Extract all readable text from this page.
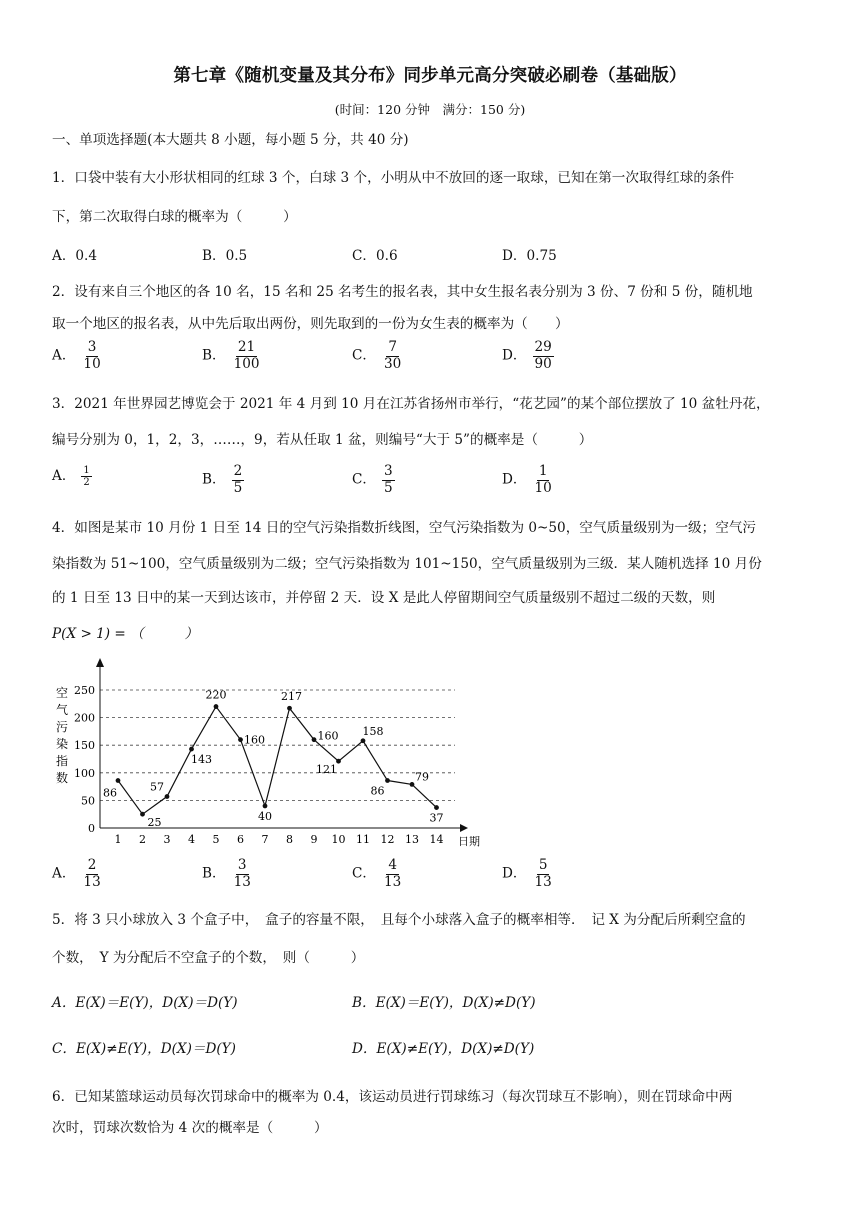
第七章《随机变量及其分布》同步单元高分突破必刷卷（基础版）
(时间：120 分钟　满分：150 分)
一、单项选择题(本大题共 8 小题，每小题 5 分，共 40 分)
1．口袋中装有大小形状相同的红球 3 个，白球 3 个，小明从中不放回的逐一取球，已知在第一次取得红球的条件
下，第二次取得白球的概率为（　　　）
A．0.4	B．0.5	C．0.6	D．0.75
2．设有来自三个地区的各 10 名，15 名和 25 名考生的报名表，其中女生报名表分别为 3 份、7 份和 5 份，随机地
取一个地区的报名表，从中先后取出两份，则先取到的一份为女生表的概率为（　　）
A． $\frac{3}{10}$	B． $\frac{21}{100}$	C． $\frac{7}{30}$	D． $\frac{29}{90}$
3．2021 年世界园艺博览会于 2021 年 4 月到 10 月在江苏省扬州市举行，“花艺园”的某个部位摆放了 10 盆牡丹花，
编号分别为 0，1，2，3，……，9，若从任取 1 盆，则编号“大于 5”的概率是（　　　）
A． $\frac{1}{2}$	B． $\frac{2}{5}$	C． $\frac{3}{5}$	D． $\frac{1}{10}$
4．如图是某市 10 月份 1 日至 14 日的空气污染指数折线图，空气污染指数为 0~50，空气质量级别为一级；空气污
染指数为 51~100，空气质量级别为二级；空气污染指数为 101~150，空气质量级别为三级．某人随机选择 10 月份
的 1 日至 13 日中的某一天到达该市，并停留 2 天．设 X 是此人停留期间空气质量级别不超过二级的天数，则
P(X > 1) = （　　　）
0
50
100
150
200
250
1 2 3 4 5 6 7 8 9 10 11 12 13 14
86
25
57
143
220
160
40
217
160
121
158
86
79
37
空
气
污
染
指
数
日期
A． $\frac{2}{13}$	B． $\frac{3}{13}$	C． $\frac{4}{13}$	D． $\frac{5}{13}$
5．将 3 只小球放入 3 个盒子中，　盒子的容量不限，　且每个小球落入盒子的概率相等．　记 X 为分配后所剩空盒的
个数，　Y 为分配后不空盒子的个数，　则（　　　）
A．E(X)＝E(Y)，D(X)＝D(Y)	B．E(X)＝E(Y)，D(X)≠D(Y)
C．E(X)≠E(Y)，D(X)＝D(Y)	D．E(X)≠E(Y)，D(X)≠D(Y)
6．已知某篮球运动员每次罚球命中的概率为 0.4，该运动员进行罚球练习（每次罚球互不影响），则在罚球命中两
次时，罚球次数恰为 4 次的概率是（　　　）
